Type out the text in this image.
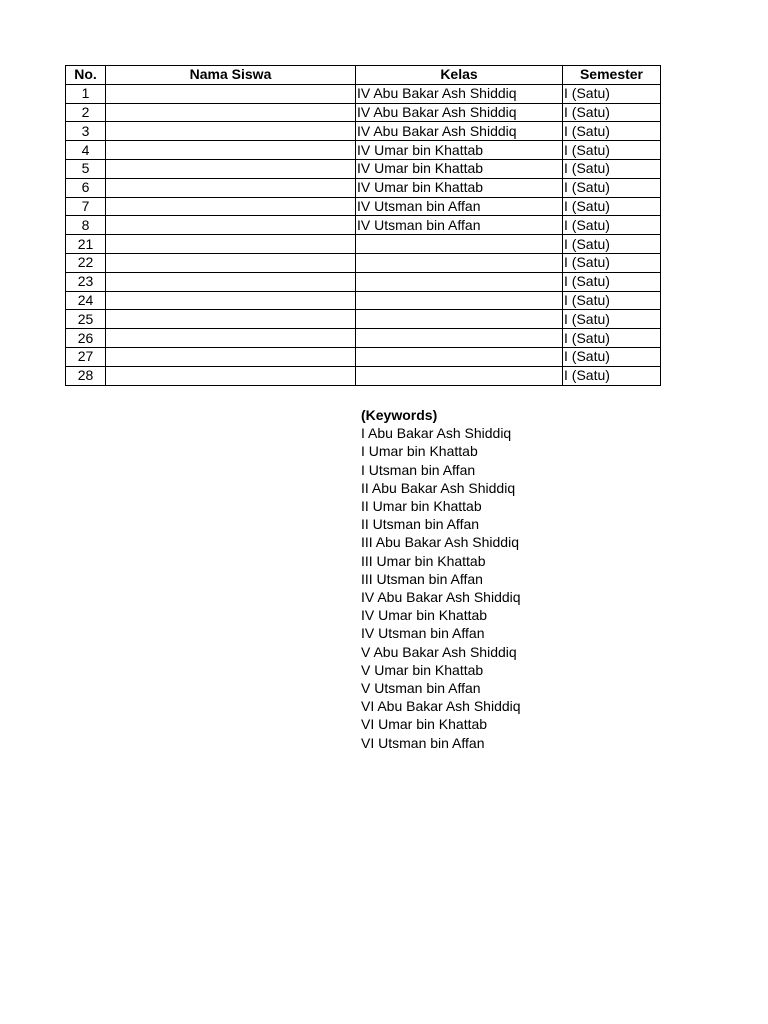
No.	Nama Siswa	Kelas	Semester
1		IV Abu Bakar Ash Shiddiq	I (Satu)
2		IV Abu Bakar Ash Shiddiq	I (Satu)
3		IV Abu Bakar Ash Shiddiq	I (Satu)
4		IV Umar bin Khattab	I (Satu)
5		IV Umar bin Khattab	I (Satu)
6		IV Umar bin Khattab	I (Satu)
7		IV Utsman bin Affan	I (Satu)
8		IV Utsman bin Affan	I (Satu)
21			I (Satu)
22			I (Satu)
23			I (Satu)
24			I (Satu)
25			I (Satu)
26			I (Satu)
27			I (Satu)
28			I (Satu)
(Keywords)
I Abu Bakar Ash Shiddiq
I Umar bin Khattab
I Utsman bin Affan
II Abu Bakar Ash Shiddiq
II Umar bin Khattab
II Utsman bin Affan
III Abu Bakar Ash Shiddiq
III Umar bin Khattab
III Utsman bin Affan
IV Abu Bakar Ash Shiddiq
IV Umar bin Khattab
IV Utsman bin Affan
V Abu Bakar Ash Shiddiq
V Umar bin Khattab
V Utsman bin Affan
VI Abu Bakar Ash Shiddiq
VI Umar bin Khattab
VI Utsman bin Affan
